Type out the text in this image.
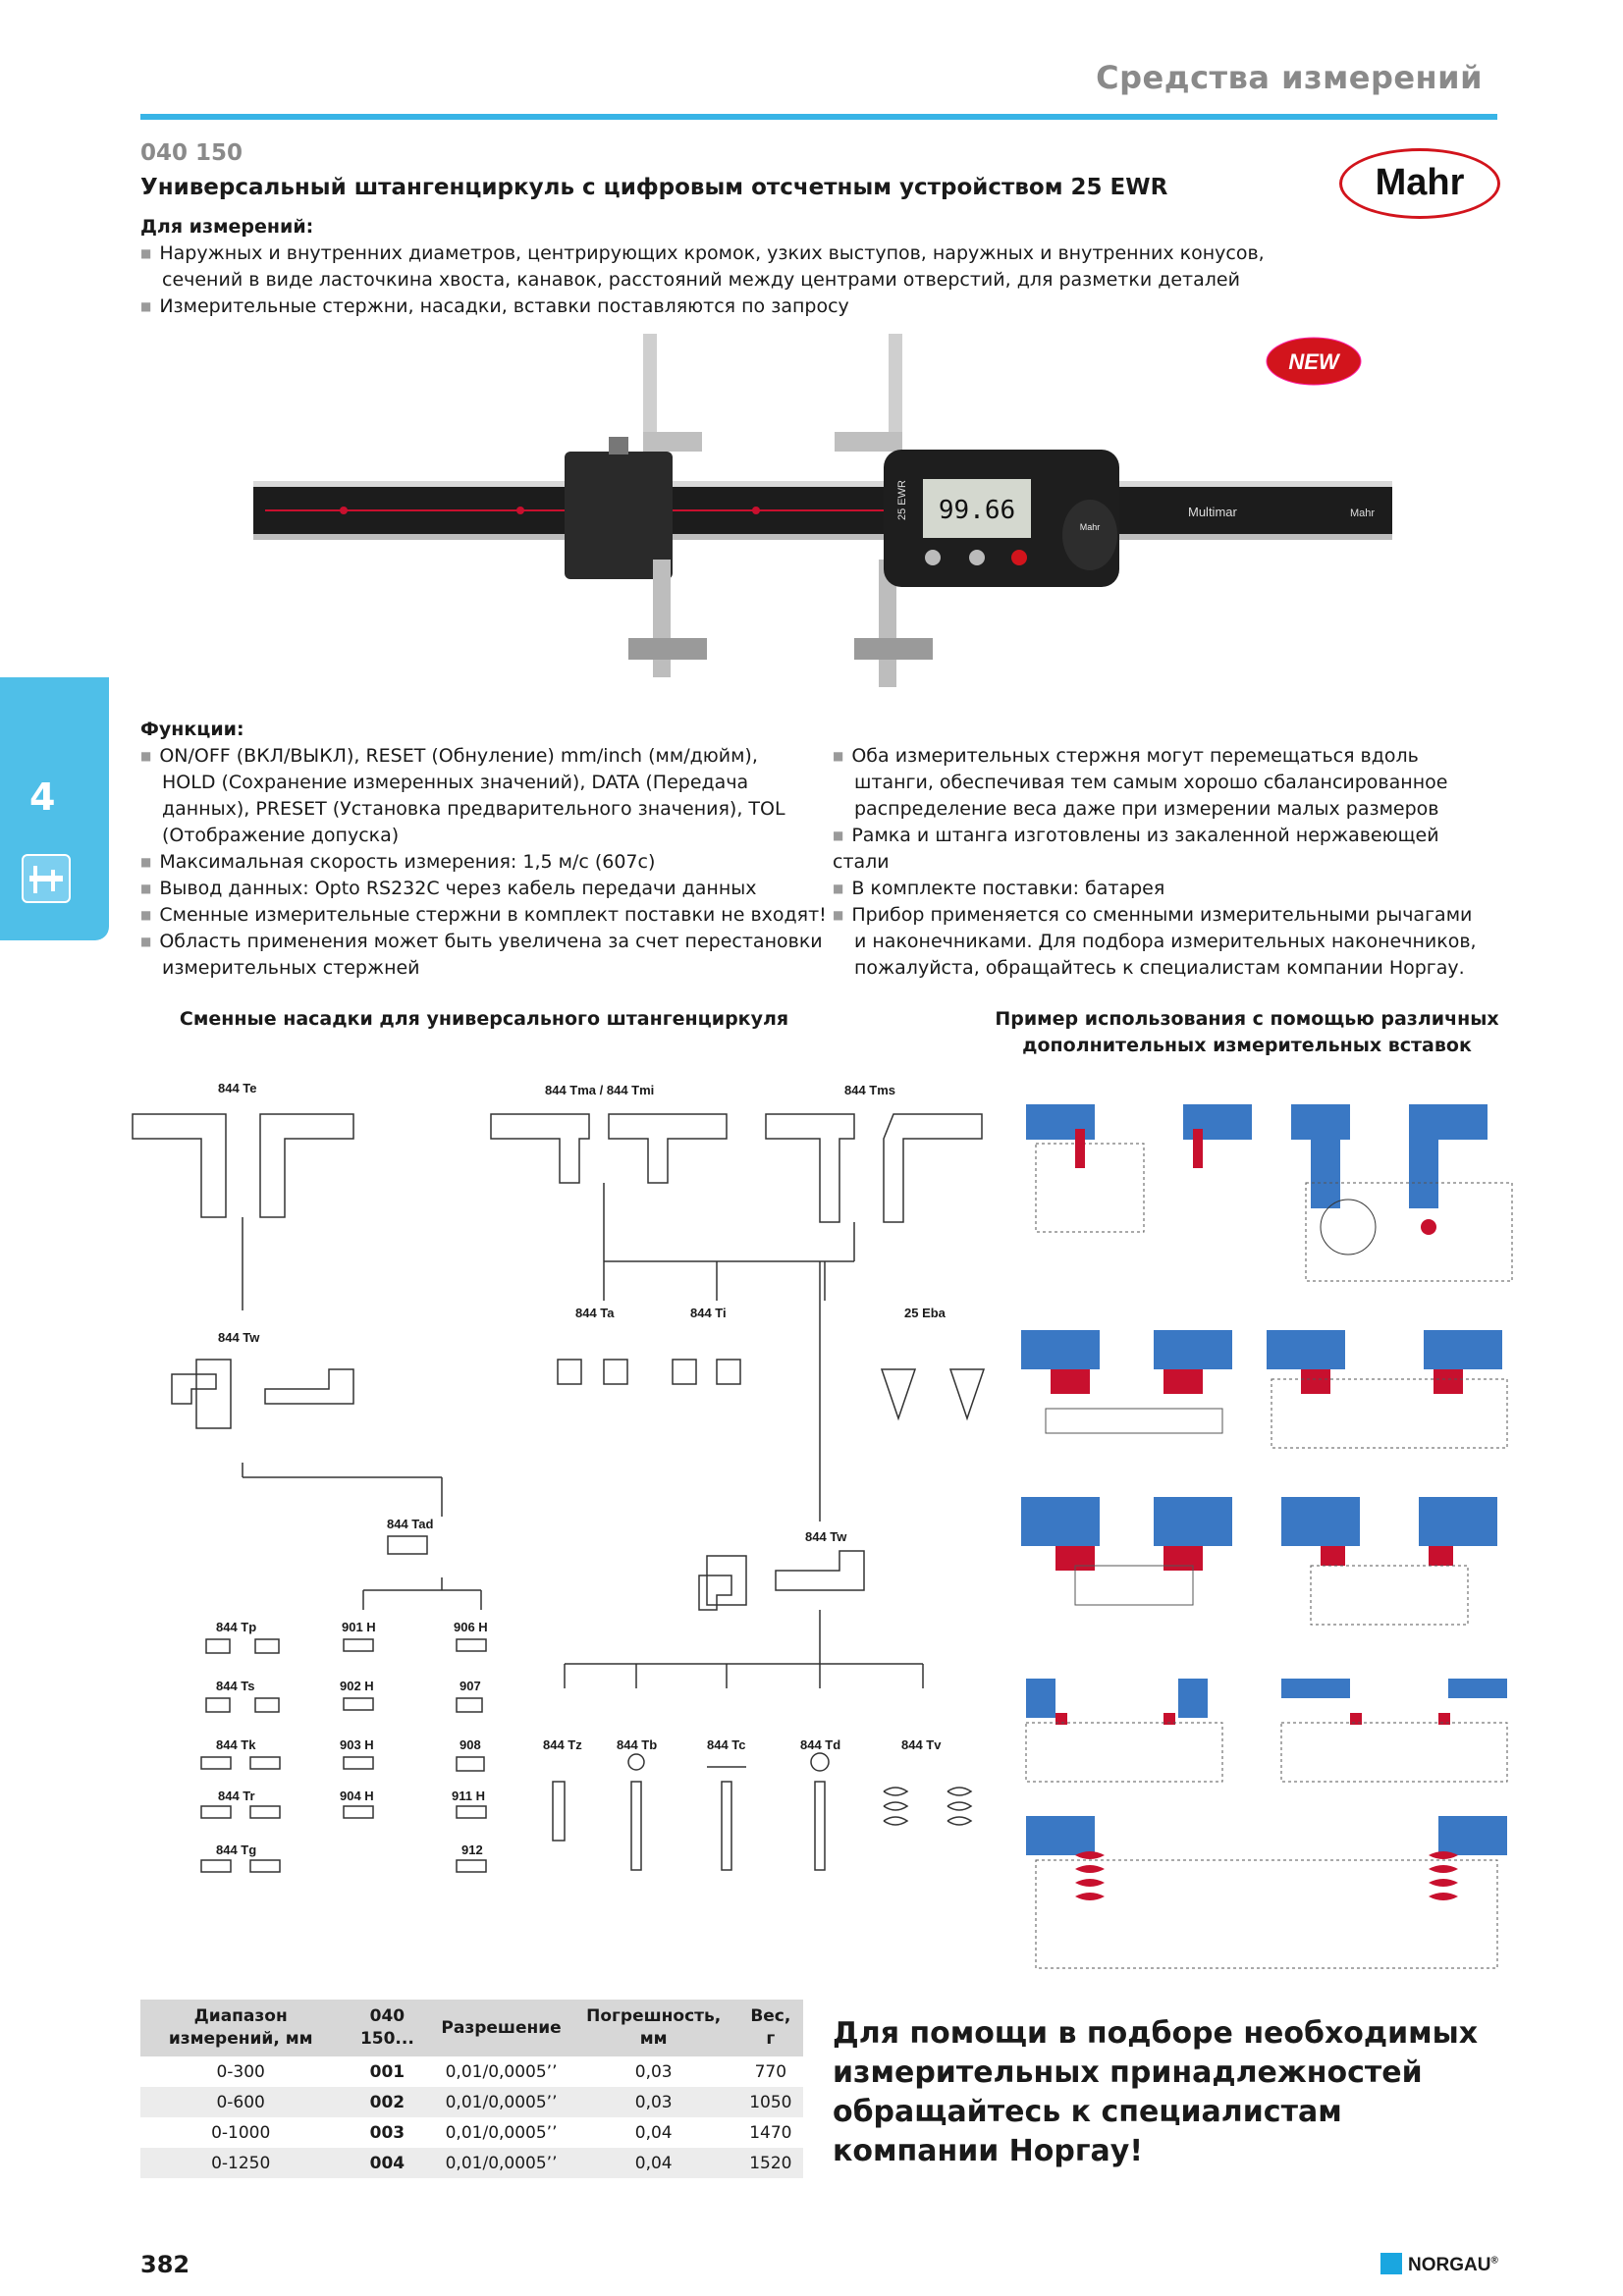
Средства измерений
040 150
Универсальный штангенциркуль с цифровым отсчетным устройством 25 EWR	Mahr
Для измерений:
■ Наружных и внутренних диаметров, центрирующих кромок, узких выступов, наружных и внутренних конусов,
сечений в виде ласточкина хвоста, канавок, расстояний между центрами отверстий, для разметки деталей
■ Измерительные стержни, насадки, вставки поставляются по запросу
99.66
25 EWR
Mahr
Multimar	Mahr
NEW
4
Функции:
■ ON/OFF (ВКЛ/ВЫКЛ), RESET (Обнуление) mm/inch (мм/дюйм),
HOLD (Сохранение измеренных значений), DATA (Передача
данных), PRESET (Установка предварительного значения), TOL
(Отображение допуска)
■ Максимальная скорость измерения: 1,5 м/с (607с)
■ Вывод данных: Opto RS232C через кабель передачи данных
■ Сменные измерительные стержни в комплект поставки не входят!
■ Область применения может быть увеличена за счет перестановки
измерительных стержней
■ Оба измерительных стержня могут перемещаться вдоль
штанги, обеспечивая тем самым хорошо сбалансированное
распределение веса даже при измерении малых размеров
■ Рамка и штанга изготовлены из закаленной нержавеющей стали
■ В комплекте поставки: батарея
■ Прибор применяется со сменными измерительными рычагами
и наконечниками. Для подбора измерительных наконечников,
пожалуйста, обращайтесь к специалистам компании Норгау.
Сменные насадки для универсального штангенциркуля	Пример использования с помощью различных
дополнительных измерительных вставок
844 Te	844 Tma / 844 Tmi	844 Tms
844 Tw
844 Ta	844 Ti	25 Eba
844 Tad
844 Tw
844 Tp	901 H	906 H
844 Ts	902 H	907
844 Tk	903 H	908
844 Tr	904 H	911 H
844 Tg	912
844 Tz	844 Tb	844 Tc	844 Td	844 Tv
Диапазон измерений, мм	040 150...	Разрешение	Погрешность, мм	Вес, г
0-300	001	0,01/0,0005’’	0,03	770
0-600	002	0,01/0,0005’’	0,03	1050
0-1000	003	0,01/0,0005’’	0,04	1470
0-1250	004	0,01/0,0005’’	0,04	1520
Для помощи в подборе необходимых измерительных принадлежностей обращайтесь к специалистам компании Норгау!
382	NORGAU®
